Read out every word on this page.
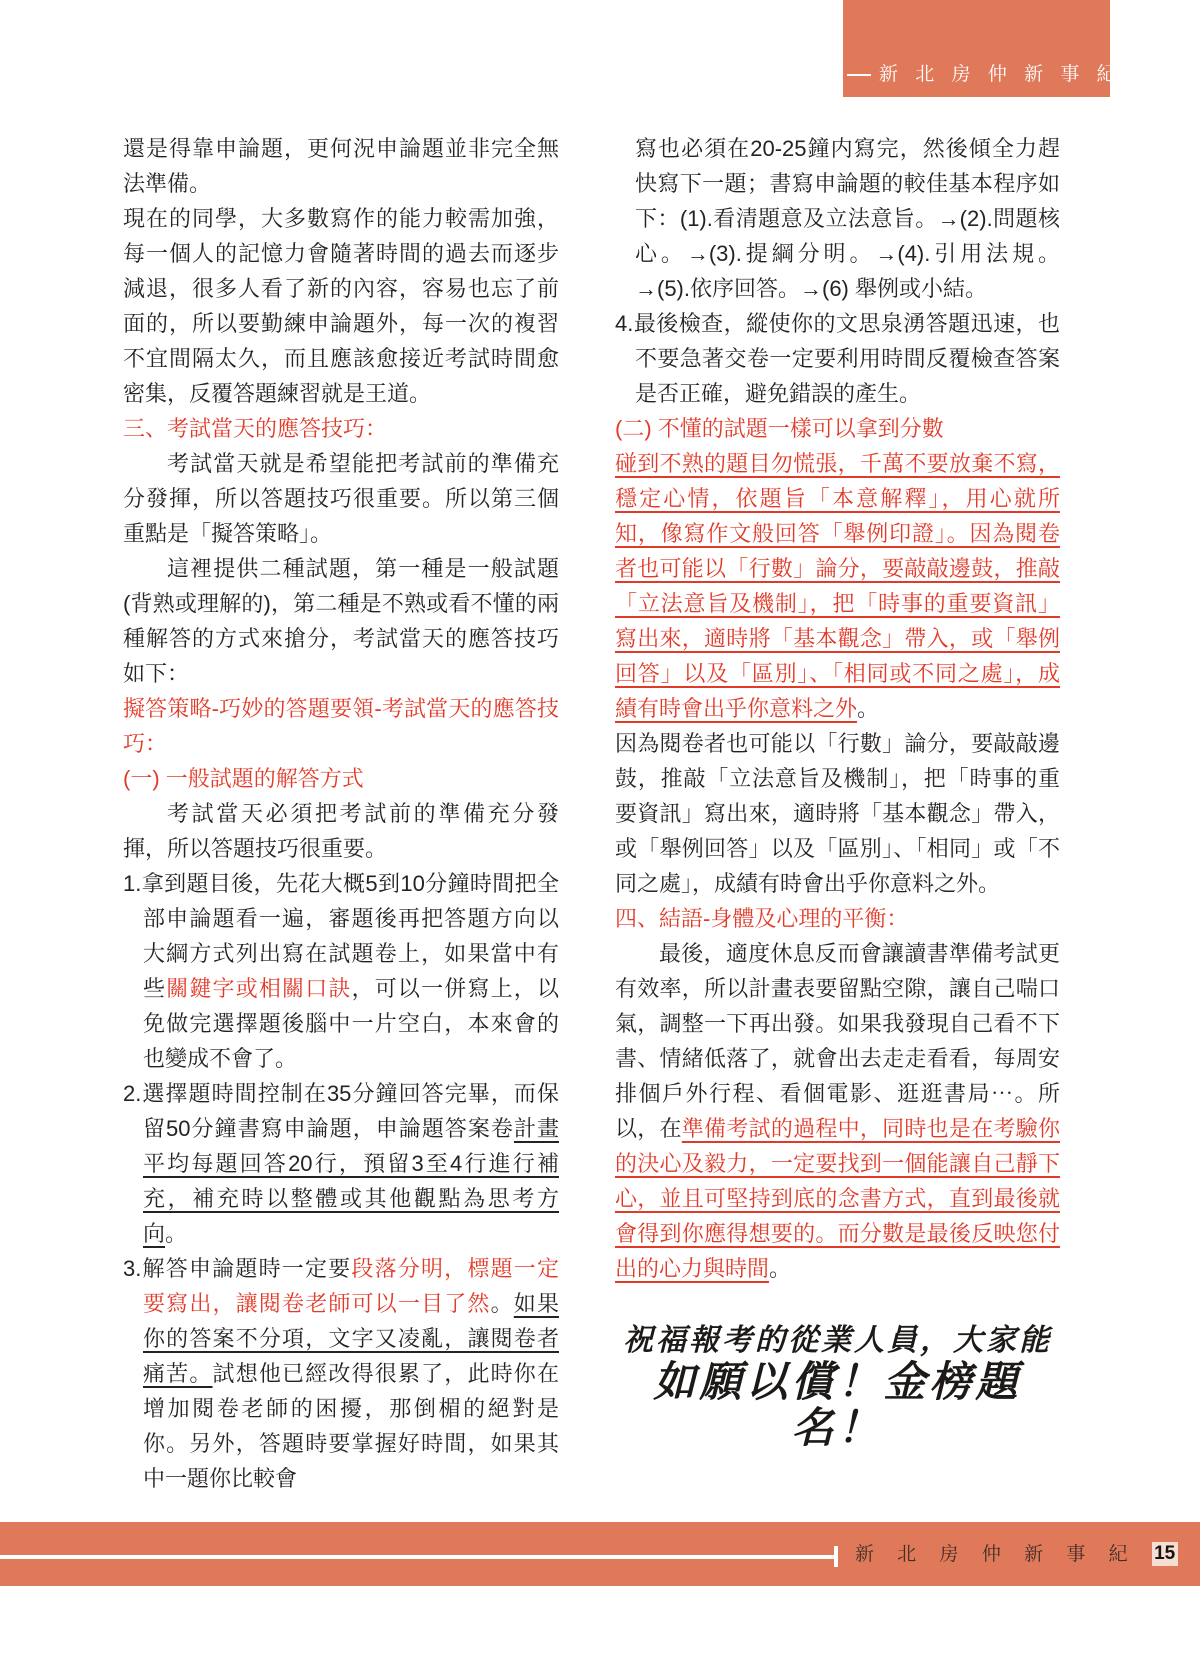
新 北 房 仲 新 事 紀

還是得靠申論題，更何況申論題並非完全無法準備。

現在的同學，大多數寫作的能力較需加強，每一個人的記憶力會隨著時間的過去而逐步減退，很多人看了新的內容，容易也忘了前面的，所以要勤練申論題外，每一次的複習不宜間隔太久，而且應該愈接近考試時間愈密集，反覆答題練習就是王道。

三、考試當天的應答技巧：

考試當天就是希望能把考試前的準備充分發揮，所以答題技巧很重要。所以第三個重點是「擬答策略」。

這裡提供二種試題，第一種是一般試題(背熟或理解的)，第二種是不熟或看不懂的兩種解答的方式來搶分，考試當天的應答技巧如下：

擬答策略-巧妙的答題要領-考試當天的應答技巧：

(一) 一般試題的解答方式

考試當天必須把考試前的準備充分發揮，所以答題技巧很重要。

1.拿到題目後，先花大概5到10分鐘時間把全部申論題看一遍，審題後再把答題方向以大綱方式列出寫在試題卷上，如果當中有些關鍵字或相關口訣，可以一併寫上，以免做完選擇題後腦中一片空白，本來會的也變成不會了。

2.選擇題時間控制在35分鐘回答完畢，而保留50分鐘書寫申論題，申論題答案卷計畫平均每題回答20行，預留3至4行進行補充，補充時以整體或其他觀點為思考方向。

3.解答申論題時一定要段落分明，標題一定要寫出，讓閱卷老師可以一目了然。如果你的答案不分項，文字又凌亂，讓閱卷者痛苦。試想他已經改得很累了，此時你在增加閱卷老師的困擾，那倒楣的絕對是你。另外，答題時要掌握好時間，如果其中一題你比較會

寫也必須在20-25鐘内寫完，然後傾全力趕快寫下一題；書寫申論題的較佳基本程序如下：(1).看清題意及立法意旨。→(2).問題核心。→(3).提綱分明。→(4).引用法規。→(5).依序回答。→(6) 舉例或小結。

4.最後檢查，縱使你的文思泉湧答題迅速，也不要急著交卷一定要利用時間反覆檢查答案是否正確，避免錯誤的產生。

(二) 不懂的試題一樣可以拿到分數

碰到不熟的題目勿慌張，千萬不要放棄不寫，穩定心情，依題旨「本意解釋」，用心就所知，像寫作文般回答「舉例印證」。因為閱卷者也可能以「行數」論分，要敲敲邊鼓，推敲「立法意旨及機制」，把「時事的重要資訊」寫出來，適時將「基本觀念」帶入，或「舉例回答」以及「區別」、「相同或不同之處」，成績有時會出乎你意料之外。

因為閱卷者也可能以「行數」論分，要敲敲邊鼓，推敲「立法意旨及機制」，把「時事的重要資訊」寫出來，適時將「基本觀念」帶入，或「舉例回答」以及「區別」、「相同」或「不同之處」，成績有時會出乎你意料之外。

四、結語-身體及心理的平衡：

最後，適度休息反而會讓讀書準備考試更有效率，所以計畫表要留點空隙，讓自己喘口氣，調整一下再出發。如果我發現自己看不下書、情緒低落了，就會出去走走看看，每周安排個戶外行程、看個電影、逛逛書局⋯。所以，在準備考試的過程中，同時也是在考驗你的決心及毅力，一定要找到一個能讓自己靜下心，並且可堅持到底的念書方式，直到最後就會得到你應得想要的。而分數是最後反映您付出的心力與時間。

祝福報考的從業人員，大家能

如願以償！金榜題名！

新 北 房 仲 新 事 紀 15
